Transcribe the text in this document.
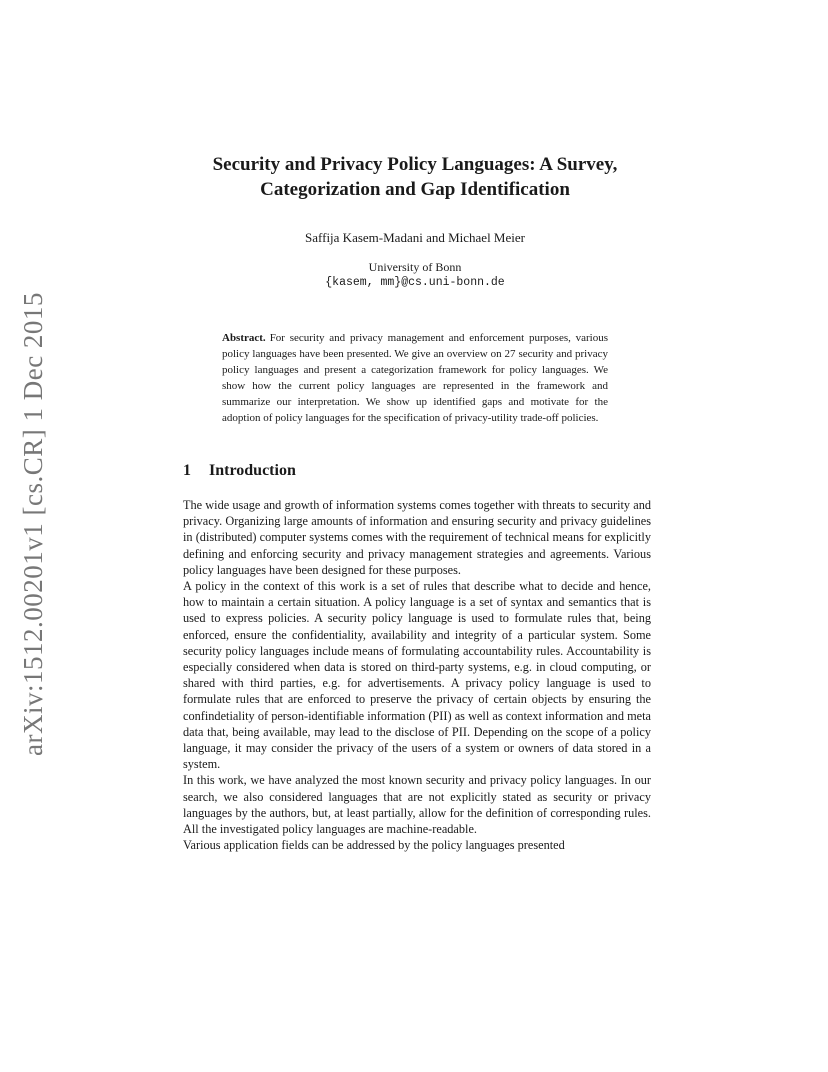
arXiv:1512.00201v1 [cs.CR] 1 Dec 2015
Security and Privacy Policy Languages: A Survey, Categorization and Gap Identification
Saffija Kasem-Madani and Michael Meier
University of Bonn
{kasem, mm}@cs.uni-bonn.de
Abstract. For security and privacy management and enforcement purposes, various policy languages have been presented. We give an overview on 27 security and privacy policy languages and present a categorization framework for policy languages. We show how the current policy languages are represented in the framework and summarize our interpretation. We show up identified gaps and motivate for the adoption of policy languages for the specification of privacy-utility trade-off policies.
1 Introduction

The wide usage and growth of information systems comes together with threats to security and privacy. Organizing large amounts of information and ensuring security and privacy guidelines in (distributed) computer systems comes with the requirement of technical means for explicitly defining and enforcing security and privacy management strategies and agreements. Various policy languages have been designed for these purposes.

A policy in the context of this work is a set of rules that describe what to decide and hence, how to maintain a certain situation. A policy language is a set of syntax and semantics that is used to express policies. A security policy language is used to formulate rules that, being enforced, ensure the confidentiality, availability and integrity of a particular system. Some security policy languages include means of formulating accountability rules. Accountability is especially considered when data is stored on third-party systems, e.g. in cloud computing, or shared with third parties, e.g. for advertisements. A privacy policy language is used to formulate rules that are enforced to preserve the privacy of certain objects by ensuring the confindetiality of person-identifiable information (PII) as well as context information and meta data that, being available, may lead to the disclose of PII. Depending on the scope of a policy language, it may consider the privacy of the users of a system or owners of data stored in a system.

In this work, we have analyzed the most known security and privacy policy languages. In our search, we also considered languages that are not explicitly stated as security or privacy languages by the authors, but, at least partially, allow for the definition of corresponding rules. All the investigated policy languages are machine-readable.

Various application fields can be addressed by the policy languages presented
